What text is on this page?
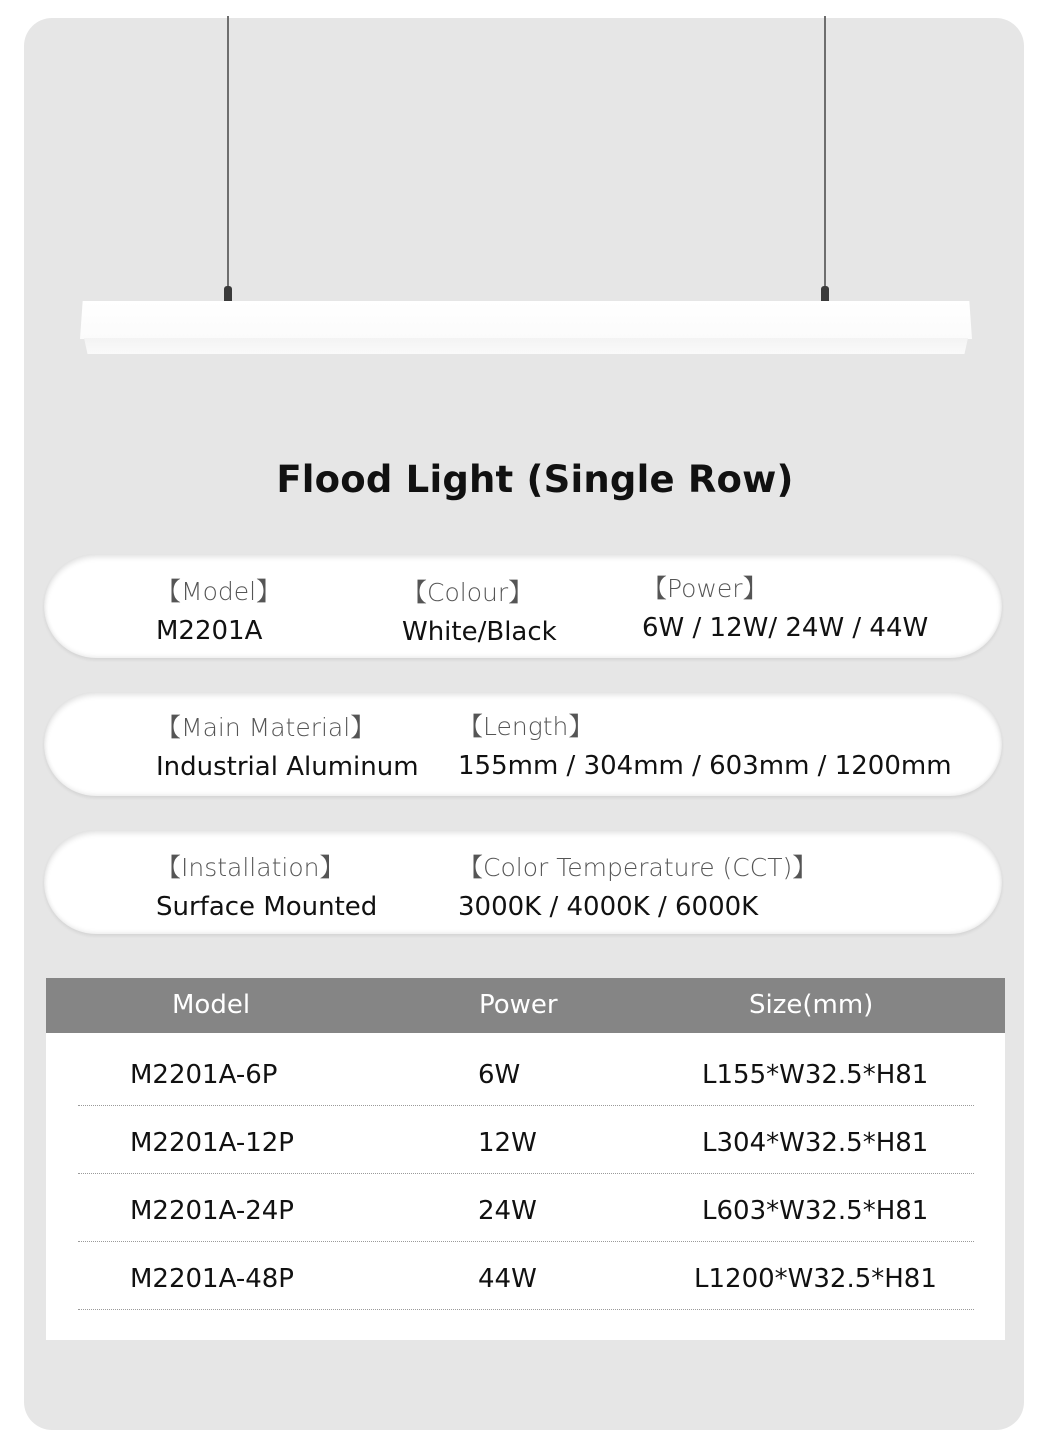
Flood Light (Single Row)
【Model】
M2201A
【Colour】
White/Black
【Power】
6W / 12W/ 24W / 44W
【Main Material】
Industrial Aluminum
【Length】
155mm / 304mm / 603mm / 1200mm
【Installation】
Surface Mounted
【Color Temperature (CCT)】
3000K / 4000K / 6000K
Model	Power	Size(mm)
M2201A-6P	6W	L155*W32.5*H81
M2201A-12P	12W	L304*W32.5*H81
M2201A-24P	24W	L603*W32.5*H81
M2201A-48P	44W	L1200*W32.5*H81
